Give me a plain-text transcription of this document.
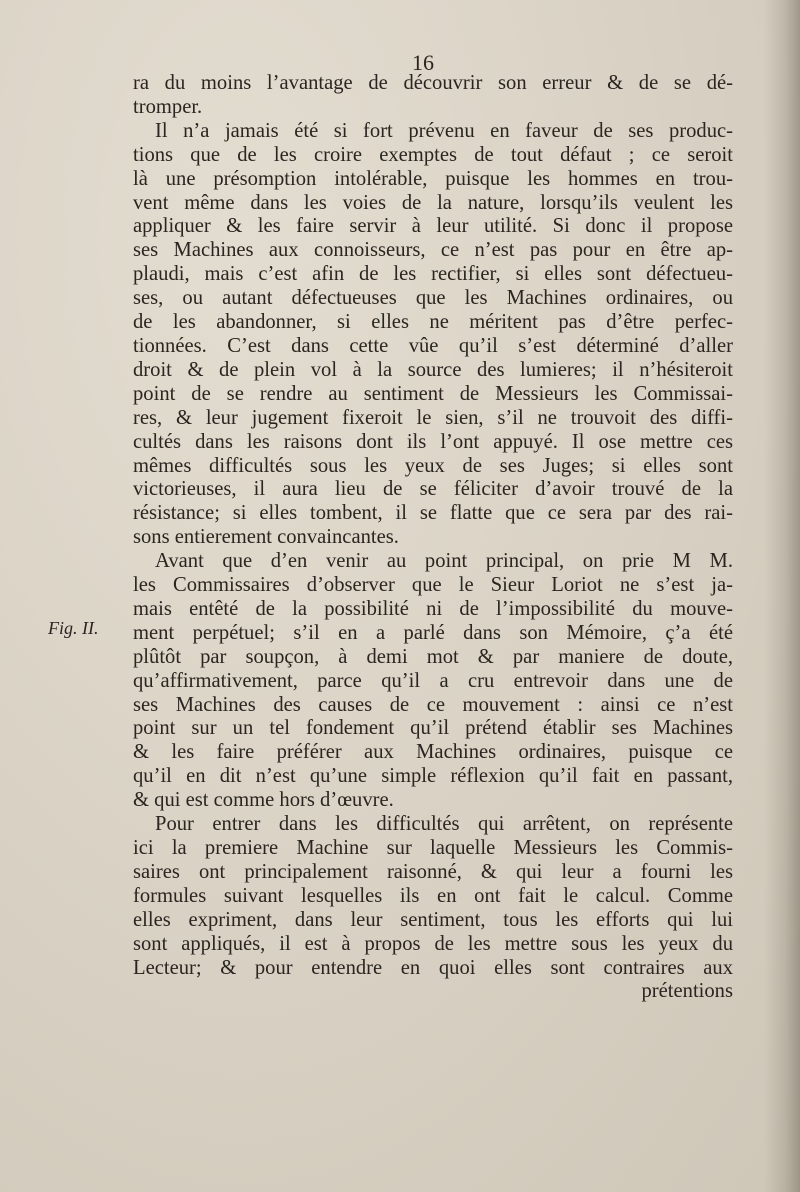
16
Fig. II.
ra du moins l’avantage de découvrir son erreur & de se dé-
tromper.
Il n’a jamais été si fort prévenu en faveur de ses produc-
tions que de les croire exemptes de tout défaut ; ce seroit
là une présomption intolérable, puisque les hommes en trou-
vent même dans les voies de la nature, lorsqu’ils veulent les
appliquer & les faire servir à leur utilité. Si donc il propose
ses Machines aux connoisseurs, ce n’est pas pour en être ap-
plaudi, mais c’est afin de les rectifier, si elles sont défectueu-
ses, ou autant défectueuses que les Machines ordinaires, ou
de les abandonner, si elles ne méritent pas d’être perfec-
tionnées. C’est dans cette vûe qu’il s’est déterminé d’aller
droit & de plein vol à la source des lumieres; il n’hésiteroit
point de se rendre au sentiment de Messieurs les Commissai-
res, & leur jugement fixeroit le sien, s’il ne trouvoit des diffi-
cultés dans les raisons dont ils l’ont appuyé. Il ose mettre ces
mêmes difficultés sous les yeux de ses Juges; si elles sont
victorieuses, il aura lieu de se féliciter d’avoir trouvé de la
résistance; si elles tombent, il se flatte que ce sera par des rai-
sons entierement convaincantes.
Avant que d’en venir au point principal, on prie M M.
les Commissaires d’observer que le Sieur Loriot ne s’est ja-
mais entêté de la possibilité ni de l’impossibilité du mouve-
ment perpétuel; s’il en a parlé dans son Mémoire, ç’a été
plûtôt par soupçon, à demi mot & par maniere de doute,
qu’affirmativement, parce qu’il a cru entrevoir dans une de
ses Machines des causes de ce mouvement : ainsi ce n’est
point sur un tel fondement qu’il prétend établir ses Machines
& les faire préférer aux Machines ordinaires, puisque ce
qu’il en dit n’est qu’une simple réflexion qu’il fait en passant,
& qui est comme hors d’œuvre.
Pour entrer dans les difficultés qui arrêtent, on représente
ici la premiere Machine sur laquelle Messieurs les Commis-
saires ont principalement raisonné, & qui leur a fourni les
formules suivant lesquelles ils en ont fait le calcul. Comme
elles expriment, dans leur sentiment, tous les efforts qui lui
sont appliqués, il est à propos de les mettre sous les yeux du
Lecteur; & pour entendre en quoi elles sont contraires aux
prétentions
